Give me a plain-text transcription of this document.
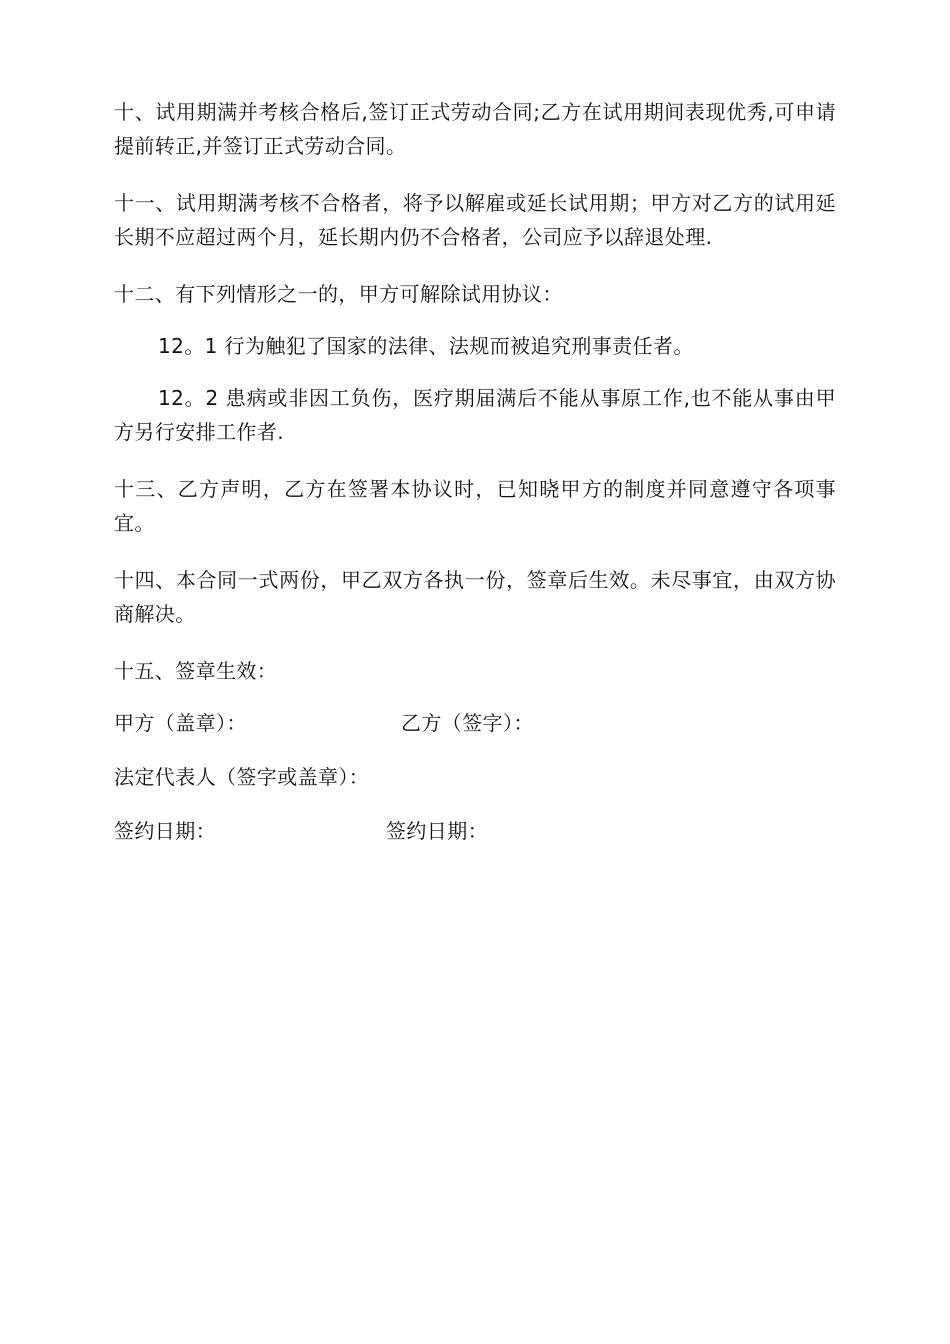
十、试用期满并考核合格后,签订正式劳动合同;乙方在试用期间表现优秀,可申请提前转正,并签订正式劳动合同。

十一、试用期满考核不合格者，将予以解雇或延长试用期；甲方对乙方的试用延长期不应超过两个月，延长期内仍不合格者，公司应予以辞退处理.

十二、有下列情形之一的，甲方可解除试用协议：

12。1 行为触犯了国家的法律、法规而被追究刑事责任者。

12。2 患病或非因工负伤，医疗期届满后不能从事原工作,也不能从事由甲方另行安排工作者.

十三、乙方声明，乙方在签署本协议时，已知晓甲方的制度并同意遵守各项事宜。

十四、本合同一式两份，甲乙双方各执一份，签章后生效。未尽事宜，由双方协商解决。

十五、签章生效：

甲方（盖章）：	乙方（签字）：
法定代表人（签字或盖章）：
签约日期：	签约日期：
